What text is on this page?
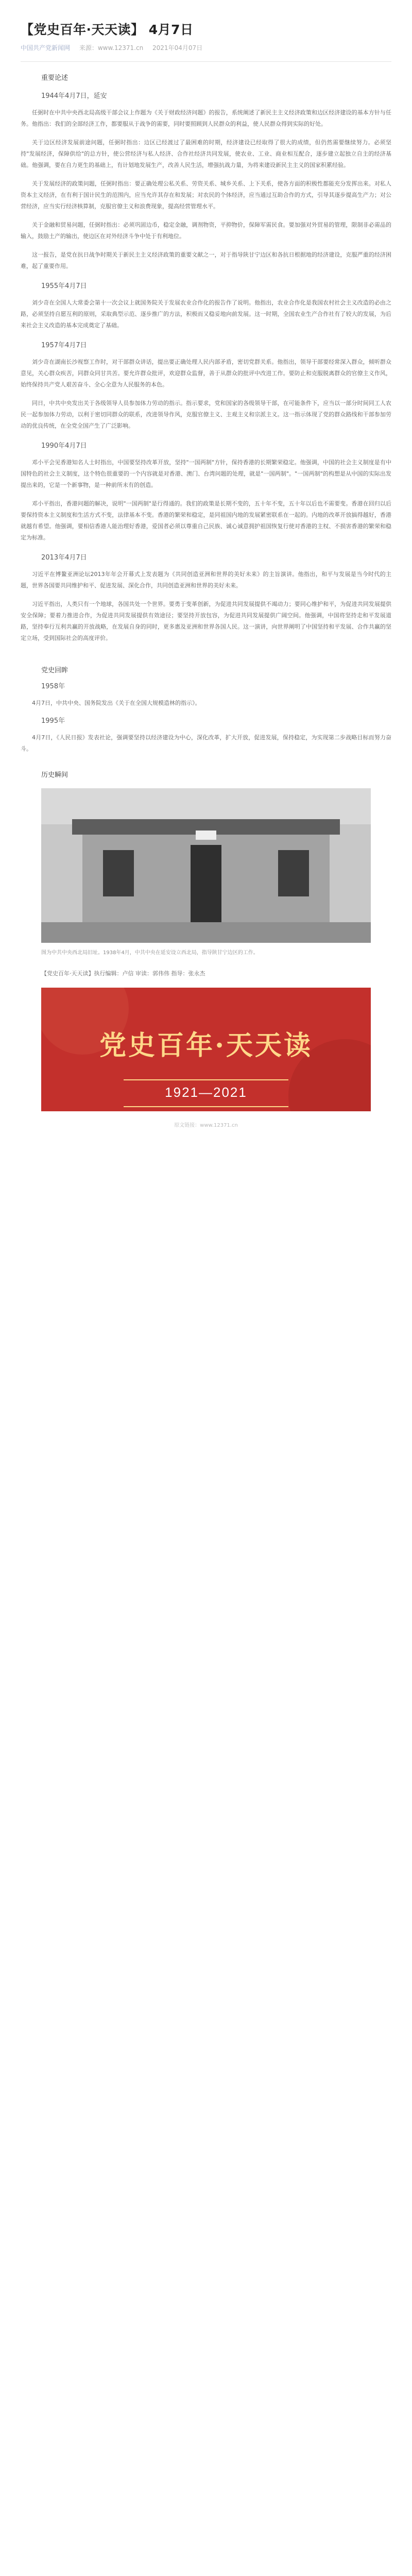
【党史百年·天天读】 4月7日
中国共产党新闻网 来源：www.12371.cn 2021年04月07日
重要论述
1944年4月7日，延安

任弼时在中共中央西北局高级干部会议上作题为《关于财政经济问题》的报告，系统阐述了新民主主义经济政策和边区经济建设的基本方针与任务。他指出：我们的全部经济工作，都要服从于战争的需要，同时要照顾到人民群众的利益，使人民群众得到实际的好处。

关于边区经济发展前途问题，任弼时指出：边区已经渡过了最困难的时期，经济建设已经取得了很大的成绩，但仍然需要继续努力。必须坚持"发展经济，保障供给"的总方针，使公营经济与私人经济、合作社经济共同发展，使农业、工业、商业相互配合，逐步建立起独立自主的经济基础。他强调，要在自力更生的基础上，有计划地发展生产，改善人民生活，增强抗战力量，为将来建设新民主主义的国家积累经验。

关于发展经济的政策问题，任弼时指出：要正确处理公私关系、劳资关系、城乡关系、上下关系，使各方面的积极性都能充分发挥出来。对私人资本主义经济，在有利于国计民生的范围内，应当允许其存在和发展；对农民的个体经济，应当通过互助合作的方式，引导其逐步提高生产力；对公营经济，应当实行经济核算制，克服官僚主义和浪费现象，提高经营管理水平。

关于金融和贸易问题，任弼时指出：必须巩固边币，稳定金融，调剂物资，平抑物价，保障军需民食。要加强对外贸易的管理，限制非必需品的输入，鼓励土产的输出，使边区在对外经济斗争中处于有利地位。

这一报告，是党在抗日战争时期关于新民主主义经济政策的重要文献之一，对于指导陕甘宁边区和各抗日根据地的经济建设，克服严重的经济困难，起了重要作用。

1955年4月7日

刘少奇在全国人大常委会第十一次会议上就国务院关于发展农业合作化的报告作了说明。他指出，农业合作化是我国农村社会主义改造的必由之路，必须坚持自愿互利的原则，采取典型示范、逐步推广的方法，积极而又稳妥地向前发展。这一时期，全国农业生产合作社有了较大的发展，为后来社会主义改造的基本完成奠定了基础。

1957年4月7日

刘少奇在湖南长沙视察工作时，对干部群众讲话，提出要正确处理人民内部矛盾，密切党群关系。他指出，领导干部要经常深入群众，倾听群众意见，关心群众疾苦，同群众同甘共苦。要允许群众批评，欢迎群众监督，善于从群众的批评中改进工作。要防止和克服脱离群众的官僚主义作风，始终保持共产党人艰苦奋斗、全心全意为人民服务的本色。

同日，中共中央发出关于各级领导人员参加体力劳动的指示。指示要求，党和国家的各级领导干部，在可能条件下，应当以一部分时间同工人农民一起参加体力劳动，以利于密切同群众的联系，改进领导作风，克服官僚主义、主观主义和宗派主义。这一指示体现了党的群众路线和干部参加劳动的优良传统，在全党全国产生了广泛影响。

1990年4月7日

邓小平会见香港知名人士时指出，中国要坚持改革开放，坚持"一国两制"方针，保持香港的长期繁荣稳定。他强调，中国的社会主义制度是有中国特色的社会主义制度，这个特色很重要的一个内容就是对香港、澳门、台湾问题的处理，就是"一国两制"。"一国两制"的构想是从中国的实际出发提出来的，它是一个新事物，是一种前所未有的创造。

邓小平指出，香港问题的解决，说明"一国两制"是行得通的。我们的政策是长期不变的，五十年不变，五十年以后也不需要变。香港在回归以后要保持资本主义制度和生活方式不变，法律基本不变。香港的繁荣和稳定，是同祖国内地的发展紧密联系在一起的。内地的改革开放搞得越好，香港就越有希望。他强调，要相信香港人能治理好香港，爱国者必须以尊重自己民族、诚心诚意拥护祖国恢复行使对香港的主权、不损害香港的繁荣和稳定为标准。

2013年4月7日

习近平在博鳌亚洲论坛2013年年会开幕式上发表题为《共同创造亚洲和世界的美好未来》的主旨演讲。他指出，和平与发展是当今时代的主题，世界各国要共同维护和平、促进发展、深化合作，共同创造亚洲和世界的美好未来。

习近平指出，人类只有一个地球，各国共处一个世界。要勇于变革创新，为促进共同发展提供不竭动力；要同心维护和平，为促进共同发展提供安全保障；要着力推进合作，为促进共同发展提供有效途径；要坚持开放包容，为促进共同发展提供广阔空间。他强调，中国将坚持走和平发展道路，坚持奉行互利共赢的开放战略，在发展自身的同时，更多惠及亚洲和世界各国人民。这一演讲，向世界阐明了中国坚持和平发展、合作共赢的坚定立场，受到国际社会的高度评价。

党史回眸
1958年

4月7日，中共中央、国务院发出《关于在全国大规模造林的指示》。

1995年

4月7日，《人民日报》发表社论，强调要坚持以经济建设为中心，深化改革，扩大开放，促进发展，保持稳定，为实现第二步战略目标而努力奋斗。

历史瞬间
图为中共中央西北局旧址。1938年4月，中共中央在延安设立西北局，指导陕甘宁边区的工作。
【党史百年·天天读】执行编辑：卢信 审读：郭伟伟 指导：张永杰
党史百年·天天读
1921—2021
原文链接：www.12371.cn
